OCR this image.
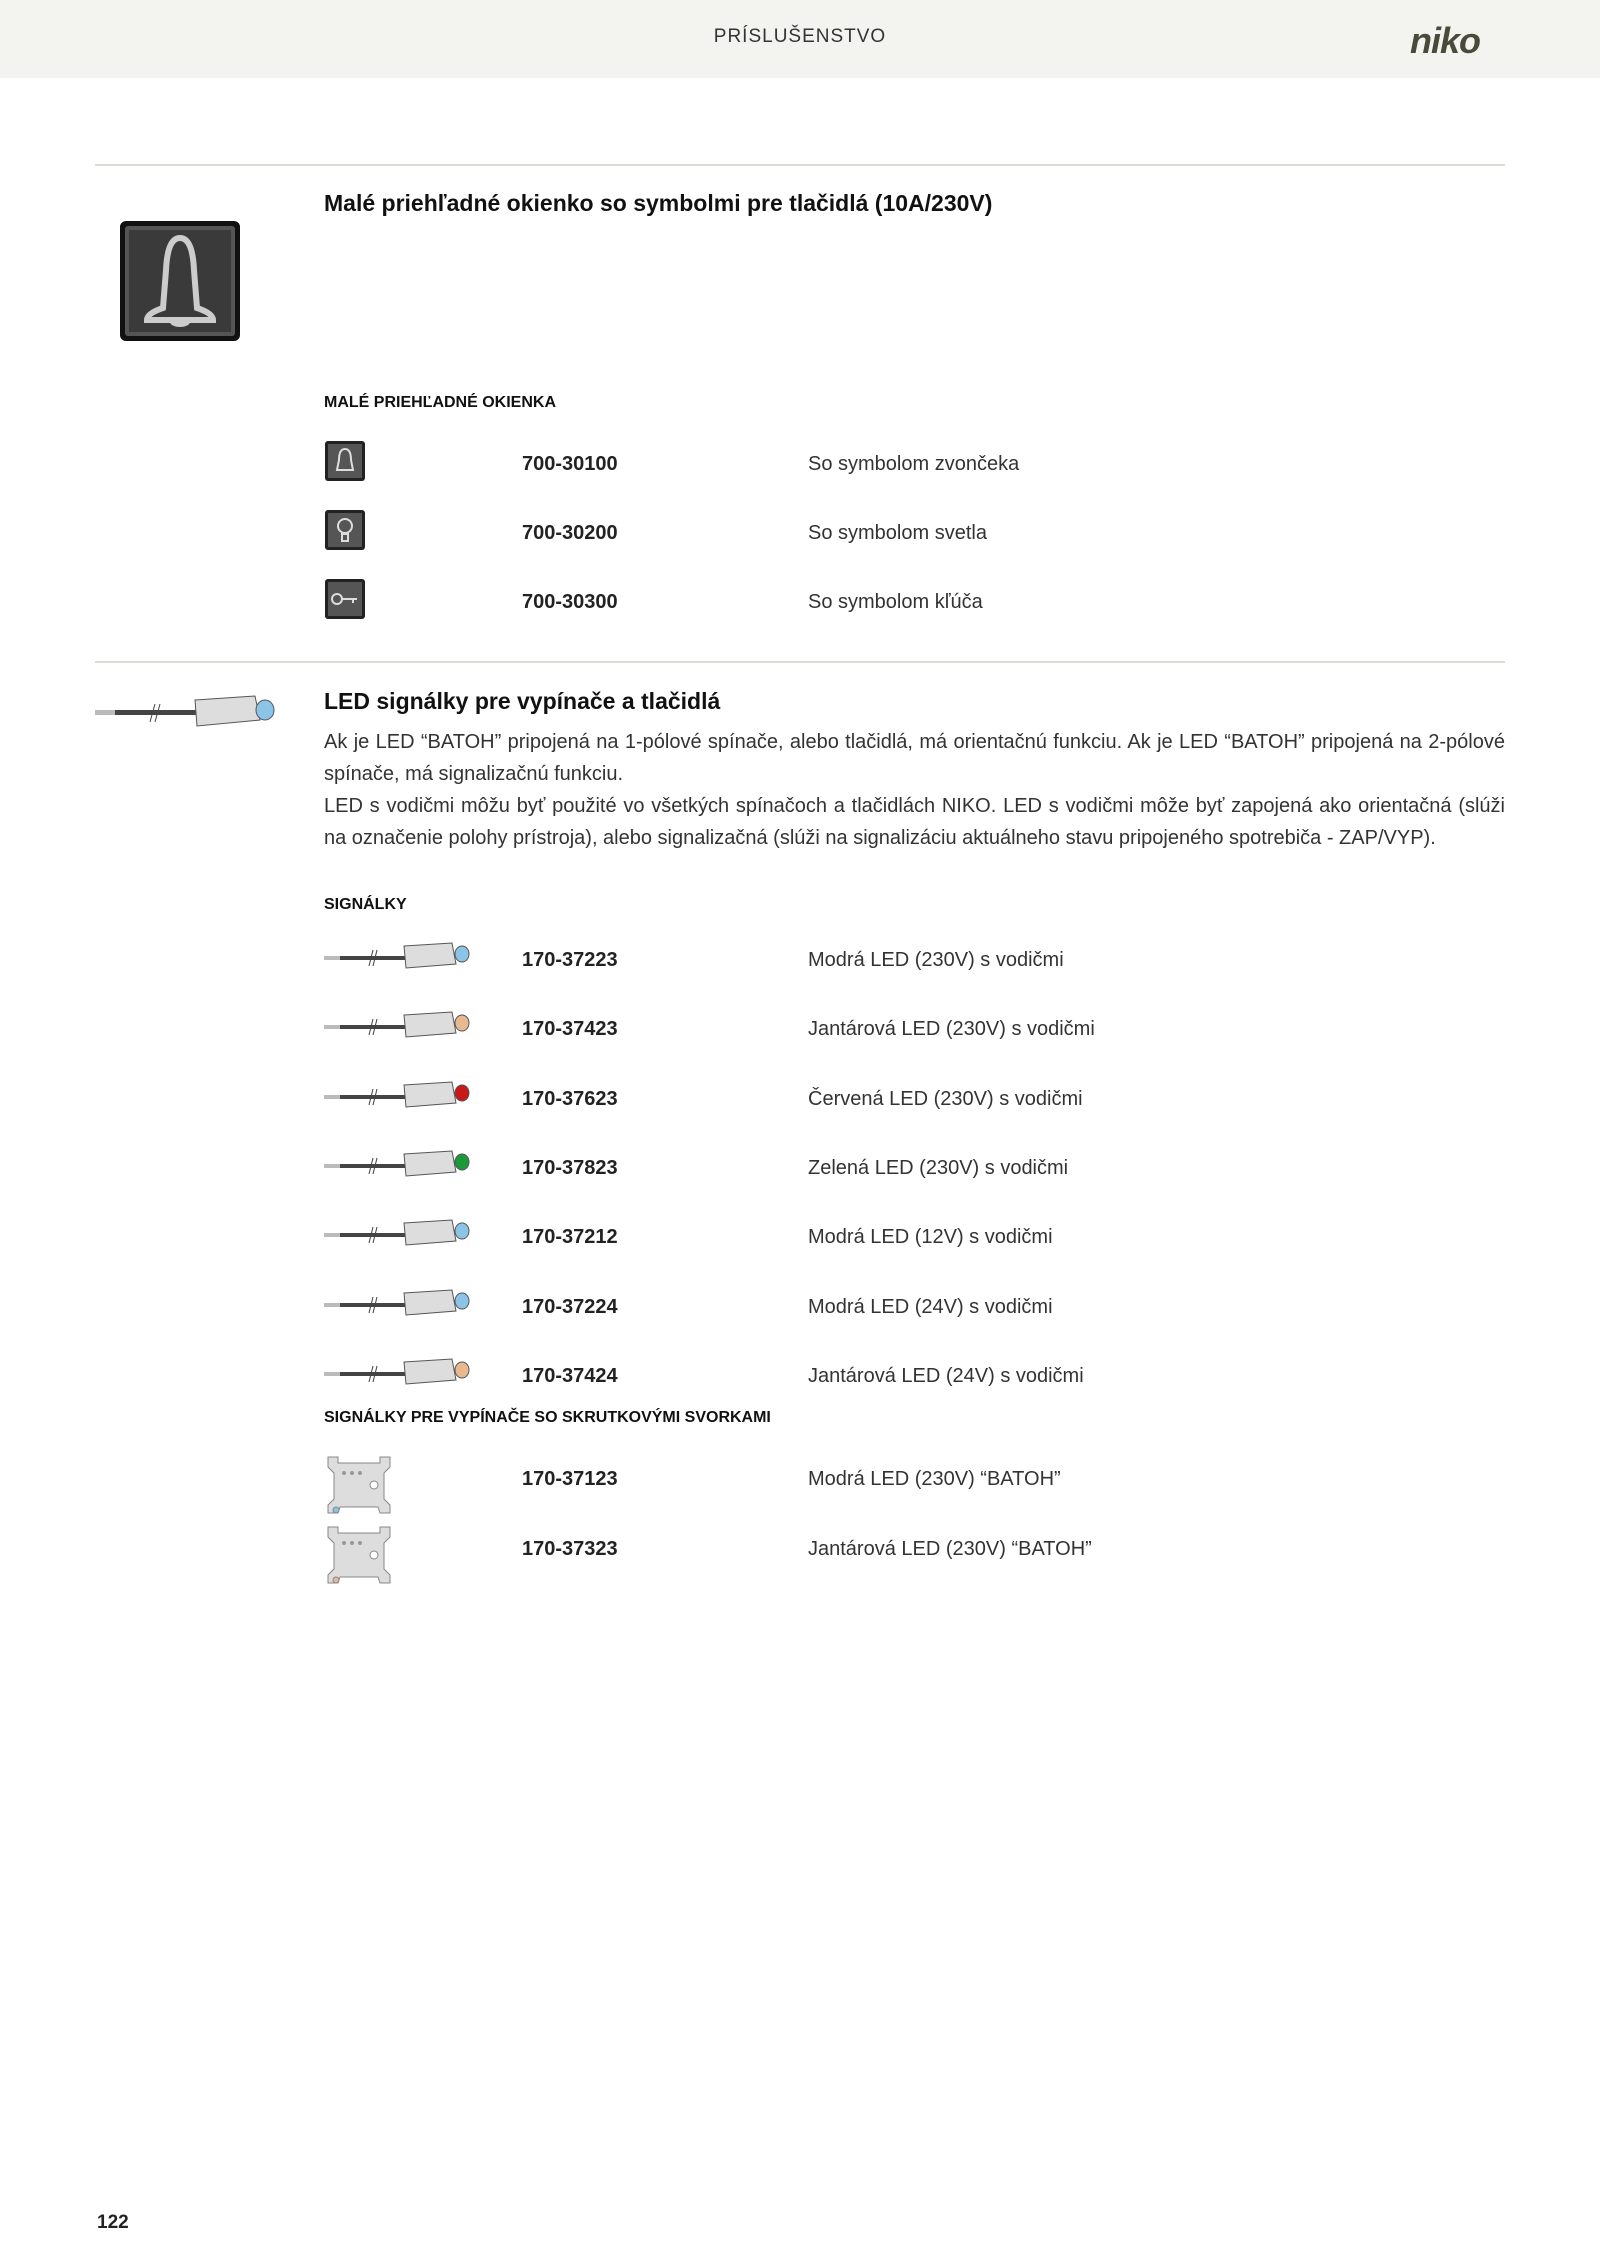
PRÍSLUŠENSTVO	niko
Malé priehľadné okienko so symbolmi pre tlačidlá (10A/230V)
MALÉ PRIEHĽADNÉ OKIENKA
700-30100	So symbolom zvončeka
700-30200	So symbolom svetla
700-30300	So symbolom kľúča
LED signálky pre vypínače a tlačidlá

Ak je LED “BATOH” pripojená na 1-pólové spínače, alebo tlačidlá, má orientačnú funkciu. Ak je LED “BATOH” pripojená na 2-pólové spínače, má signalizačnú funkciu.

LED s vodičmi môžu byť použité vo všetkých spínačoch a tlačidlách NIKO. LED s vodičmi môže byť zapojená ako orientačná (slúži na označenie polohy prístroja), alebo signalizačná (slúži na signalizáciu aktuálneho stavu pripojeného spotrebiča - ZAP/VYP).

SIGNÁLKY
170-37223	Modrá LED (230V) s vodičmi
170-37423	Jantárová LED (230V) s vodičmi
170-37623	Červená LED (230V) s vodičmi
170-37823	Zelená LED (230V) s vodičmi
170-37212	Modrá LED (12V) s vodičmi
170-37224	Modrá LED (24V) s vodičmi
170-37424	Jantárová LED (24V) s vodičmi
SIGNÁLKY PRE VYPÍNAČE SO SKRUTKOVÝMI SVORKAMI
170-37123	Modrá LED (230V) “BATOH”
170-37323	Jantárová LED (230V) “BATOH”
122
